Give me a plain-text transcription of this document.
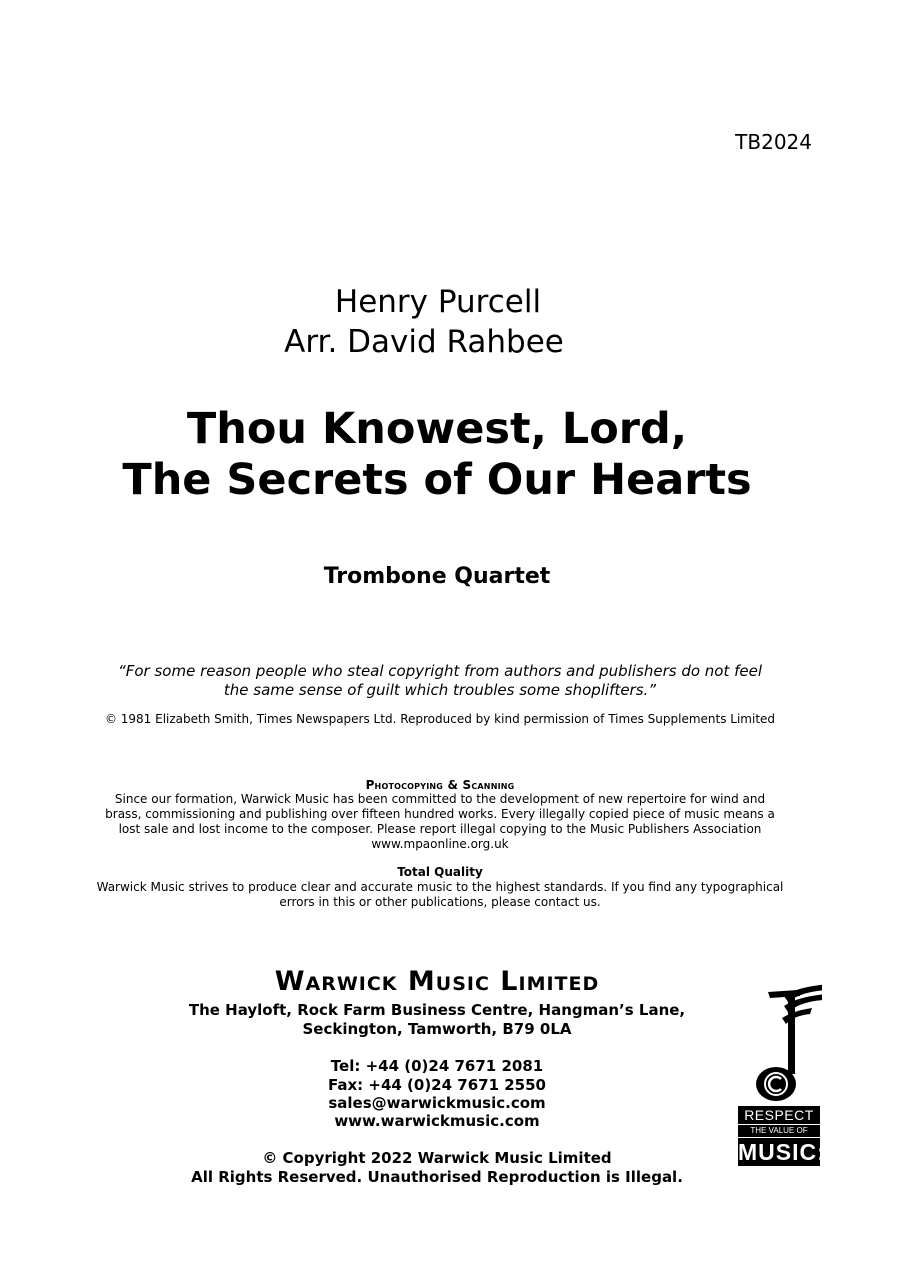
TB2024
Henry Purcell
Arr. David Rahbee
Thou Knowest, Lord,
The Secrets of Our Hearts
Trombone Quartet
“For some reason people who steal copyright from authors and publishers do not feel
the same sense of guilt which troubles some shoplifters.”
© 1981 Elizabeth Smith, Times Newspapers Ltd. Reproduced by kind permission of Times Supplements Limited
Photocopying & Scanning
Since our formation, Warwick Music has been committed to the development of new repertoire for wind and brass, commissioning and publishing over fifteen hundred works. Every illegally copied piece of music means a lost sale and lost income to the composer. Please report illegal copying to the Music Publishers Association www.mpaonline.org.uk
Total Quality
Warwick Music strives to produce clear and accurate music to the highest standards. If you find any typographical errors in this or other publications, please contact us.
Warwick Music Limited
The Hayloft, Rock Farm Business Centre, Hangman’s Lane,
Seckington, Tamworth, B79 0LA
Tel: +44 (0)24 7671 2081
Fax: +44 (0)24 7671 2550
sales@warwickmusic.com
www.warwickmusic.com
© Copyright 2022 Warwick Music Limited
All Rights Reserved. Unauthorised Reproduction is Illegal.
RESPECT
THE VALUE OF
MUSIC:
